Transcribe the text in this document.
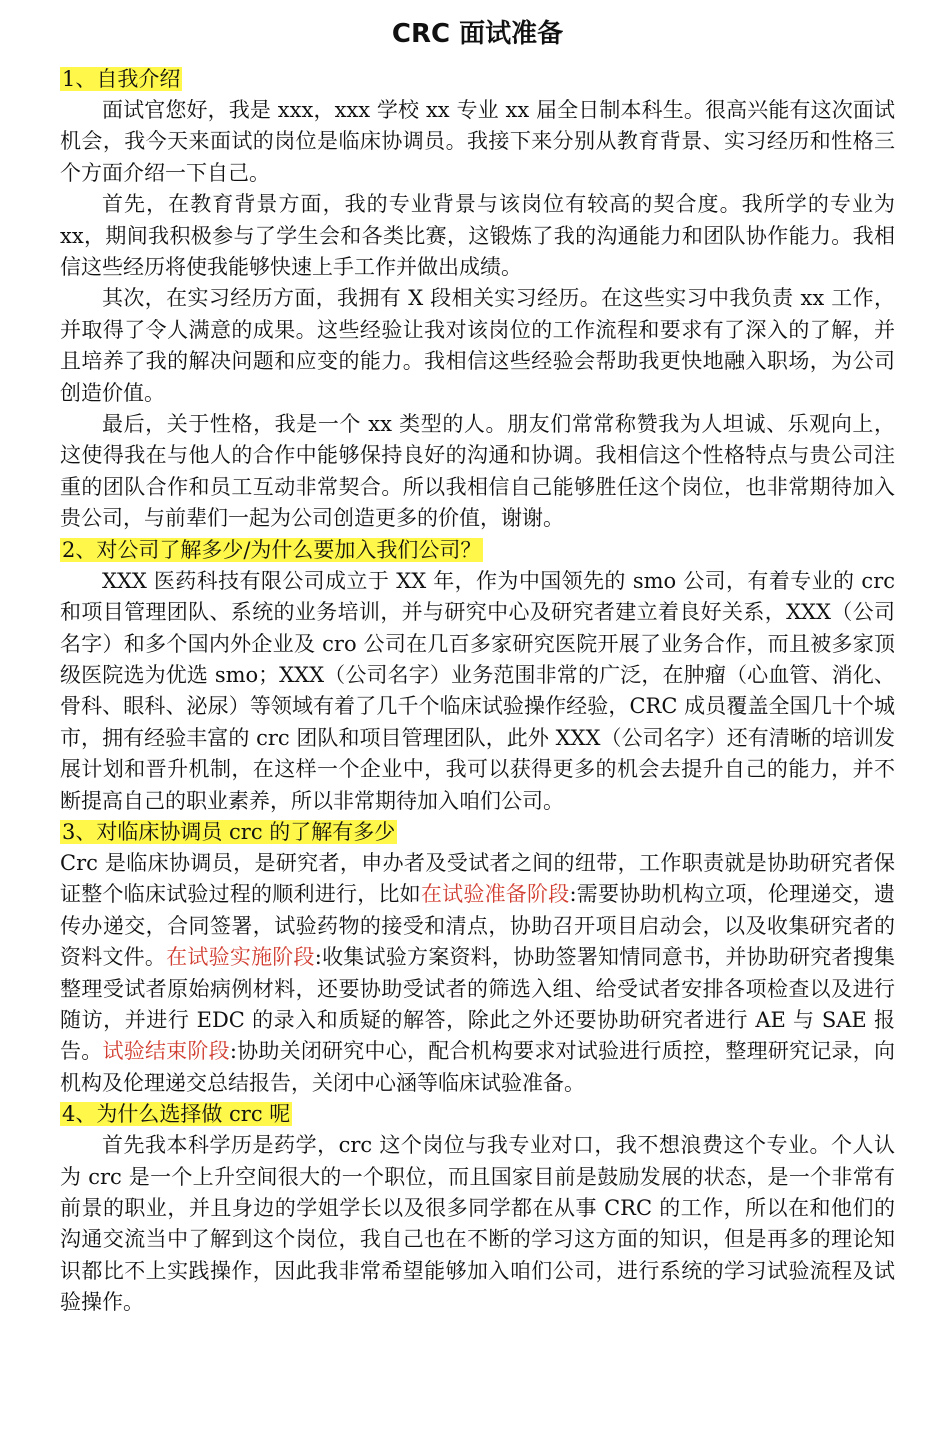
CRC 面试准备
1、自我介绍

面试官您好，我是 xxx，xxx 学校 xx 专业 xx 届全日制本科生。很高兴能有这次面试机会，我今天来面试的岗位是临床协调员。我接下来分别从教育背景、实习经历和性格三个方面介绍一下自己。

首先，在教育背景方面，我的专业背景与该岗位有较高的契合度。我所学的专业为 xx，期间我积极参与了学生会和各类比赛，这锻炼了我的沟通能力和团队协作能力。我相信这些经历将使我能够快速上手工作并做出成绩。

其次，在实习经历方面，我拥有 X 段相关实习经历。在这些实习中我负责 xx 工作，并取得了令人满意的成果。这些经验让我对该岗位的工作流程和要求有了深入的了解，并且培养了我的解决问题和应变的能力。我相信这些经验会帮助我更快地融入职场，为公司创造价值。

最后，关于性格，我是一个 xx 类型的人。朋友们常常称赞我为人坦诚、乐观向上，这使得我在与他人的合作中能够保持良好的沟通和协调。我相信这个性格特点与贵公司注重的团队合作和员工互动非常契合。所以我相信自己能够胜任这个岗位，也非常期待加入贵公司，与前辈们一起为公司创造更多的价值，谢谢。

2、对公司了解多少/为什么要加入我们公司？

XXX 医药科技有限公司成立于 XX 年，作为中国领先的 smo 公司，有着专业的 crc 和项目管理团队、系统的业务培训，并与研究中心及研究者建立着良好关系，XXX（公司名字）和多个国内外企业及 cro 公司在几百多家研究医院开展了业务合作，而且被多家顶级医院选为优选 smo；XXX（公司名字）业务范围非常的广泛，在肿瘤（心血管、消化、骨科、眼科、泌尿）等领域有着了几千个临床试验操作经验，CRC 成员覆盖全国几十个城市，拥有经验丰富的 crc 团队和项目管理团队，此外 XXX（公司名字）还有清晰的培训发展计划和晋升机制，在这样一个企业中，我可以获得更多的机会去提升自己的能力，并不断提高自己的职业素养，所以非常期待加入咱们公司。

3、对临床协调员 crc 的了解有多少

Crc 是临床协调员，是研究者，申办者及受试者之间的纽带，工作职责就是协助研究者保证整个临床试验过程的顺利进行，比如在试验准备阶段:需要协助机构立项，伦理递交，遗传办递交，合同签署，试验药物的接受和清点，协助召开项目启动会，以及收集研究者的资料文件。在试验实施阶段:收集试验方案资料，协助签署知情同意书，并协助研究者搜集整理受试者原始病例材料，还要协助受试者的筛选入组、给受试者安排各项检查以及进行随访，并进行 EDC 的录入和质疑的解答，除此之外还要协助研究者进行 AE 与 SAE 报告。试验结束阶段:协助关闭研究中心，配合机构要求对试验进行质控，整理研究记录，向机构及伦理递交总结报告，关闭中心涵等临床试验准备。

4、为什么选择做 crc 呢

首先我本科学历是药学，crc 这个岗位与我专业对口，我不想浪费这个专业。个人认为 crc 是一个上升空间很大的一个职位，而且国家目前是鼓励发展的状态，是一个非常有前景的职业，并且身边的学姐学长以及很多同学都在从事 CRC 的工作，所以在和他们的沟通交流当中了解到这个岗位，我自己也在不断的学习这方面的知识，但是再多的理论知识都比不上实践操作，因此我非常希望能够加入咱们公司，进行系统的学习试验流程及试验操作。
